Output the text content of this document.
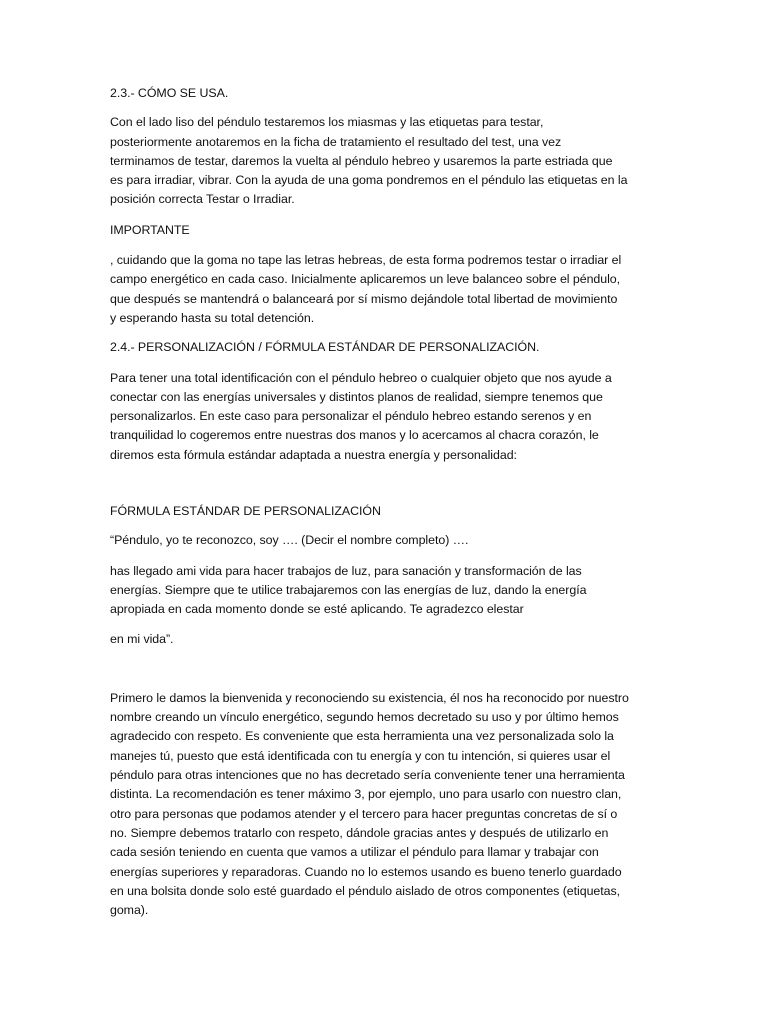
2.3.- CÓMO SE USA.

Con el lado liso del péndulo testaremos los miasmas y las etiquetas para testar,
posteriormente anotaremos en la ficha de tratamiento el resultado del test, una vez
terminamos de testar, daremos la vuelta al péndulo hebreo y usaremos la parte estriada que
es para irradiar, vibrar. Con la ayuda de una goma pondremos en el péndulo las etiquetas en la
posición correcta Testar o Irradiar.

IMPORTANTE

, cuidando que la goma no tape las letras hebreas, de esta forma podremos testar o irradiar el
campo energético en cada caso. Inicialmente aplicaremos un leve balanceo sobre el péndulo,
que después se mantendrá o balanceará por sí mismo dejándole total libertad de movimiento
y esperando hasta su total detención.

2.4.- PERSONALIZACIÓN / FÓRMULA ESTÁNDAR DE PERSONALIZACIÓN.

Para tener una total identificación con el péndulo hebreo o cualquier objeto que nos ayude a
conectar con las energías universales y distintos planos de realidad, siempre tenemos que
personalizarlos. En este caso para personalizar el péndulo hebreo estando serenos y en
tranquilidad lo cogeremos entre nuestras dos manos y lo acercamos al chacra corazón, le
diremos esta fórmula estándar adaptada a nuestra energía y personalidad:

FÓRMULA ESTÁNDAR DE PERSONALIZACIÓN

“Péndulo, yo te reconozco, soy …. (Decir el nombre completo) ….

has llegado ami vida para hacer trabajos de luz, para sanación y transformación de las
energías. Siempre que te utilice trabajaremos con las energías de luz, dando la energía
apropiada en cada momento donde se esté aplicando. Te agradezco elestar

en mi vida”.

Primero le damos la bienvenida y reconociendo su existencia, él nos ha reconocido por nuestro
nombre creando un vínculo energético, segundo hemos decretado su uso y por último hemos
agradecido con respeto. Es conveniente que esta herramienta una vez personalizada solo la
manejes tú, puesto que está identificada con tu energía y con tu intención, si quieres usar el
péndulo para otras intenciones que no has decretado sería conveniente tener una herramienta
distinta. La recomendación es tener máximo 3, por ejemplo, uno para usarlo con nuestro clan,
otro para personas que podamos atender y el tercero para hacer preguntas concretas de sí o
no. Siempre debemos tratarlo con respeto, dándole gracias antes y después de utilizarlo en
cada sesión teniendo en cuenta que vamos a utilizar el péndulo para llamar y trabajar con
energías superiores y reparadoras. Cuando no lo estemos usando es bueno tenerlo guardado
en una bolsita donde solo esté guardado el péndulo aislado de otros componentes (etiquetas,
goma).
